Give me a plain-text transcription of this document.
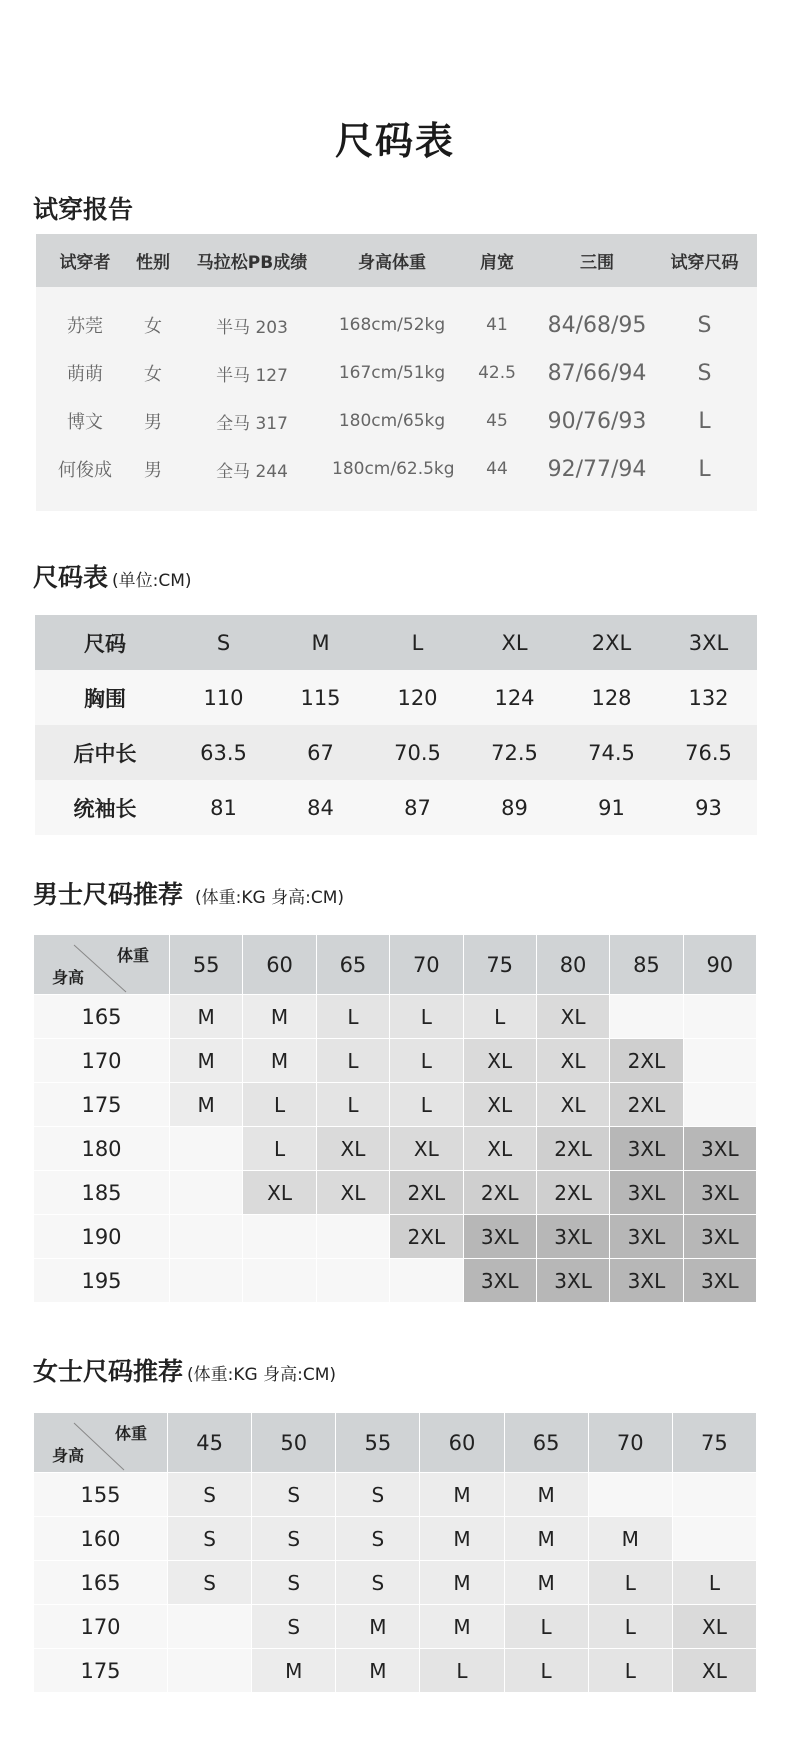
尺码表
试穿报告
试穿者	性别	马拉松PB成绩	身高体重	肩宽	三围	试穿尺码
苏莞	女	半马 203	168cm/52kg	41	84/68/95	S
萌萌	女	半马 127	167cm/51kg	42.5	87/66/94	S
博文	男	全马 317	180cm/65kg	45	90/76/93	L
何俊成	男	全马 244	180cm/62.5kg	44	92/77/94	L
尺码表 (单位:CM)
尺码	S	M	L	XL	2XL	3XL
胸围	110	115	120	124	128	132
后中长	63.5	67	70.5	72.5	74.5	76.5
统袖长	81	84	87	89	91	93
男士尺码推荐 (体重:KG 身高:CM)
体重
身高	55	60	65	70	75	80	85	90
165	M	M	L	L	L	XL		
170	M	M	L	L	XL	XL	2XL	
175	M	L	L	L	XL	XL	2XL	
180		L	XL	XL	XL	2XL	3XL	3XL
185		XL	XL	2XL	2XL	2XL	3XL	3XL
190				2XL	3XL	3XL	3XL	3XL
195					3XL	3XL	3XL	3XL
女士尺码推荐 (体重:KG 身高:CM)
体重
身高	45	50	55	60	65	70	75
155	S	S	S	M	M		
160	S	S	S	M	M	M	
165	S	S	S	M	M	L	L
170		S	M	M	L	L	XL
175		M	M	L	L	L	XL
